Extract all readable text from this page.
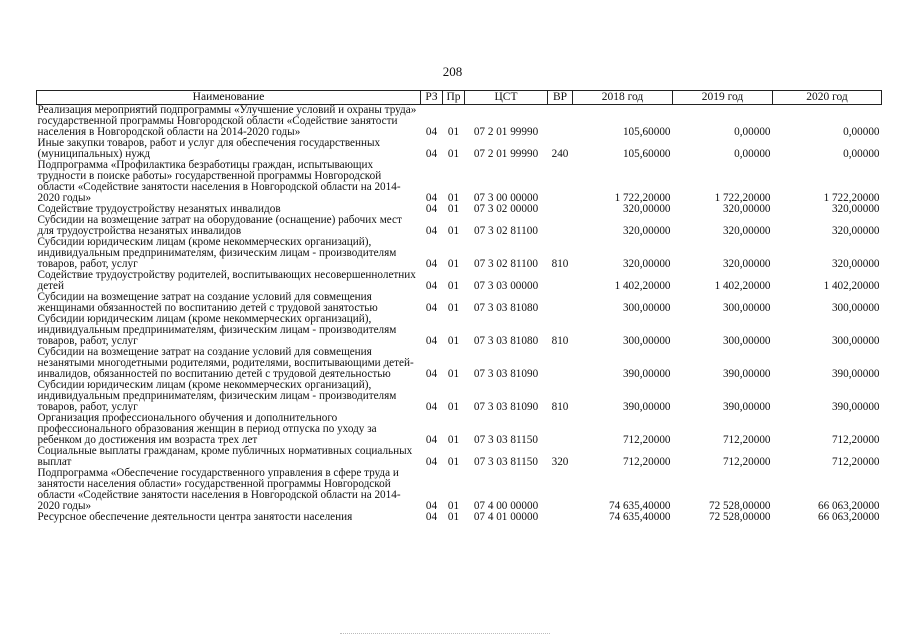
208
Наименование	РЗ	Пр	ЦСТ	ВР	2018 год	2019 год	2020 год
Реализация мероприятий подпрограммы «Улучшение условий и охраны труда» государственной программы Новгородской области «Содействие занятости населения в Новгородской области на 2014-2020 годы»	04	01	07 2 01 99990		105,60000	0,00000	0,00000
Иные закупки товаров, работ и услуг для обеспечения государственных (муниципальных) нужд	04	01	07 2 01 99990	240	105,60000	0,00000	0,00000
Подпрограмма «Профилактика безработицы граждан, испытывающих трудности в поиске работы» государственной программы Новгородской области «Содействие занятости населения в Новгородской области на 2014-2020 годы»	04	01	07 3 00 00000		1 722,20000	1 722,20000	1 722,20000
Содействие трудоустройству незанятых инвалидов	04	01	07 3 02 00000		320,00000	320,00000	320,00000
Субсидии на возмещение затрат на оборудование (оснащение) рабочих мест для трудоустройства незанятых инвалидов	04	01	07 3 02 81100		320,00000	320,00000	320,00000
Субсидии юридическим лицам (кроме некоммерческих организаций), индивидуальным предпринимателям, физическим лицам - производителям товаров, работ, услуг	04	01	07 3 02 81100	810	320,00000	320,00000	320,00000
Содействие трудоустройству родителей, воспитывающих несовершеннолетних детей	04	01	07 3 03 00000		1 402,20000	1 402,20000	1 402,20000
Субсидии на возмещение затрат на создание условий для совмещения женщинами обязанностей по воспитанию детей с трудовой занятостью	04	01	07 3 03 81080		300,00000	300,00000	300,00000
Субсидии юридическим лицам (кроме некоммерческих организаций), индивидуальным предпринимателям, физическим лицам - производителям товаров, работ, услуг	04	01	07 3 03 81080	810	300,00000	300,00000	300,00000
Субсидии на возмещение затрат на создание условий для совмещения незанятыми многодетными родителями, родителями, воспитывающими детей-инвалидов, обязанностей по воспитанию детей с трудовой деятельностью	04	01	07 3 03 81090		390,00000	390,00000	390,00000
Субсидии юридическим лицам (кроме некоммерческих организаций), индивидуальным предпринимателям, физическим лицам - производителям товаров, работ, услуг	04	01	07 3 03 81090	810	390,00000	390,00000	390,00000
Организация профессионального обучения и дополнительного профессионального образования женщин в период отпуска по уходу за ребенком до достижения им возраста трех лет	04	01	07 3 03 81150		712,20000	712,20000	712,20000
Социальные выплаты гражданам, кроме публичных нормативных социальных выплат	04	01	07 3 03 81150	320	712,20000	712,20000	712,20000
Подпрограмма «Обеспечение государственного управления в сфере труда и занятости населения области» государственной программы Новгородской области «Содействие занятости населения в Новгородской области на 2014-2020 годы»	04	01	07 4 00 00000		74 635,40000	72 528,00000	66 063,20000
Ресурсное обеспечение деятельности центра занятости населения	04	01	07 4 01 00000		74 635,40000	72 528,00000	66 063,20000
